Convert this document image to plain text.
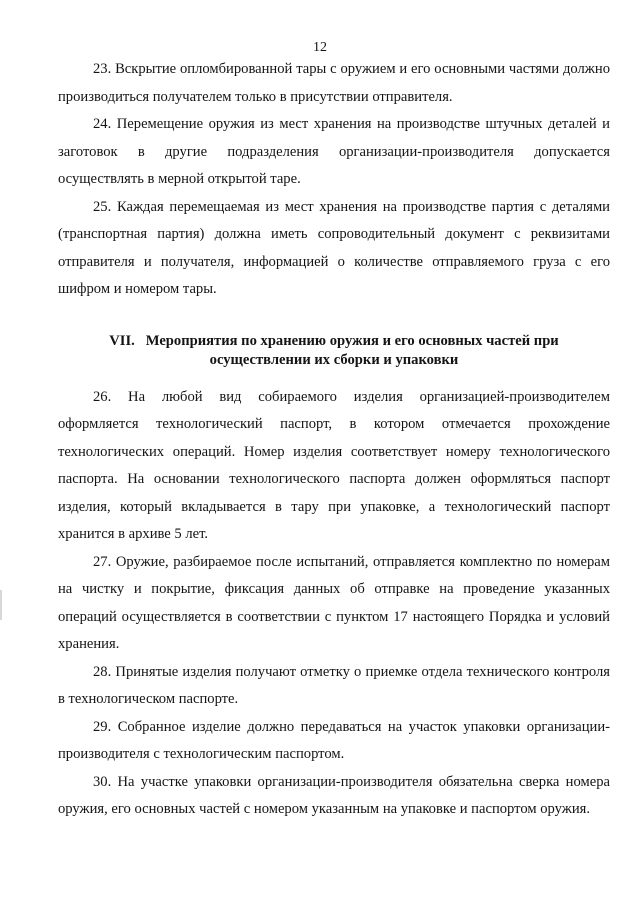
12

23. Вскрытие опломбированной тары с оружием и его основными частями должно производиться получателем только в присутствии отправителя.

24. Перемещение оружия из мест хранения на производстве штучных деталей и заготовок в другие подразделения организации-производителя допускается осуществлять в мерной открытой таре.

25. Каждая перемещаемая из мест хранения на производстве партия с деталями (транспортная партия) должна иметь сопроводительный документ с реквизитами отправителя и получателя, информацией о количестве отправляемого груза с его шифром и номером тары.

VII.   Мероприятия по хранению оружия и его основных частей при
осуществлении их сборки и упаковки

26. На любой вид собираемого изделия организацией-производителем оформляется технологический паспорт, в котором отмечается прохождение технологических операций. Номер изделия соответствует номеру технологического паспорта. На основании технологического паспорта должен оформляться паспорт изделия, который вкладывается в тару при упаковке, а технологический паспорт хранится в архиве 5 лет.

27. Оружие, разбираемое после испытаний, отправляется комплектно по номерам на чистку и покрытие, фиксация данных об отправке на проведение указанных операций осуществляется в соответствии с пунктом 17 настоящего Порядка и условий хранения.

28. Принятые изделия получают отметку о приемке отдела технического контроля в технологическом паспорте.

29. Собранное изделие должно передаваться на участок упаковки организации-производителя с технологическим паспортом.

30. На участке упаковки организации-производителя обязательна сверка номера оружия, его основных частей с номером указанным на упаковке и паспортом оружия.
